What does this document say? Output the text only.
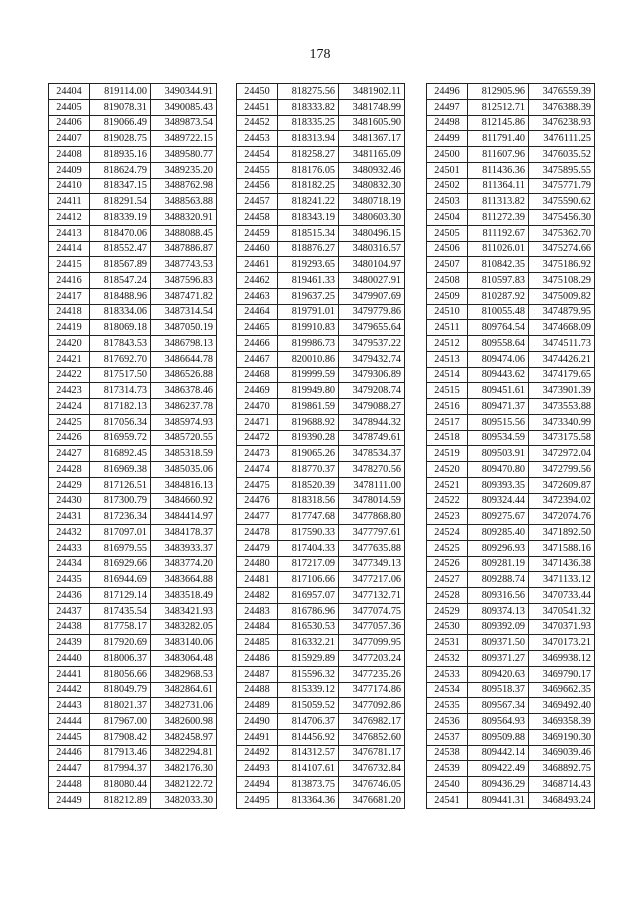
178
24404	819114.00	3490344.91
24405	819078.31	3490085.43
24406	819066.49	3489873.54
24407	819028.75	3489722.15
24408	818935.16	3489580.77
24409	818624.79	3489235.20
24410	818347.15	3488762.98
24411	818291.54	3488563.88
24412	818339.19	3488320.91
24413	818470.06	3488088.45
24414	818552.47	3487886.87
24415	818567.89	3487743.53
24416	818547.24	3487596.83
24417	818488.96	3487471.82
24418	818334.06	3487314.54
24419	818069.18	3487050.19
24420	817843.53	3486798.13
24421	817692.70	3486644.78
24422	817517.50	3486526.88
24423	817314.73	3486378.46
24424	817182.13	3486237.78
24425	817056.34	3485974.93
24426	816959.72	3485720.55
24427	816892.45	3485318.59
24428	816969.38	3485035.06
24429	817126.51	3484816.13
24430	817300.79	3484660.92
24431	817236.34	3484414.97
24432	817097.01	3484178.37
24433	816979.55	3483933.37
24434	816929.66	3483774.20
24435	816944.69	3483664.88
24436	817129.14	3483518.49
24437	817435.54	3483421.93
24438	817758.17	3483282.05
24439	817920.69	3483140.06
24440	818006.37	3483064.48
24441	818056.66	3482968.53
24442	818049.79	3482864.61
24443	818021.37	3482731.06
24444	817967.00	3482600.98
24445	817908.42	3482458.97
24446	817913.46	3482294.81
24447	817994.37	3482176.30
24448	818080.44	3482122.72
24449	818212.89	3482033.30
24450	818275.56	3481902.11
24451	818333.82	3481748.99
24452	818335.25	3481605.90
24453	818313.94	3481367.17
24454	818258.27	3481165.09
24455	818176.05	3480932.46
24456	818182.25	3480832.30
24457	818241.22	3480718.19
24458	818343.19	3480603.30
24459	818515.34	3480496.15
24460	818876.27	3480316.57
24461	819293.65	3480104.97
24462	819461.33	3480027.91
24463	819637.25	3479907.69
24464	819791.01	3479779.86
24465	819910.83	3479655.64
24466	819986.73	3479537.22
24467	820010.86	3479432.74
24468	819999.59	3479306.89
24469	819949.80	3479208.74
24470	819861.59	3479088.27
24471	819688.92	3478944.32
24472	819390.28	3478749.61
24473	819065.26	3478534.37
24474	818770.37	3478270.56
24475	818520.39	3478111.00
24476	818318.56	3478014.59
24477	817747.68	3477868.80
24478	817590.33	3477797.61
24479	817404.33	3477635.88
24480	817217.09	3477349.13
24481	817106.66	3477217.06
24482	816957.07	3477132.71
24483	816786.96	3477074.75
24484	816530.53	3477057.36
24485	816332.21	3477099.95
24486	815929.89	3477203.24
24487	815596.32	3477235.26
24488	815339.12	3477174.86
24489	815059.52	3477092.86
24490	814706.37	3476982.17
24491	814456.92	3476852.60
24492	814312.57	3476781.17
24493	814107.61	3476732.84
24494	813873.75	3476746.05
24495	813364.36	3476681.20
24496	812905.96	3476559.39
24497	812512.71	3476388.39
24498	812145.86	3476238.93
24499	811791.40	3476111.25
24500	811607.96	3476035.52
24501	811436.36	3475895.55
24502	811364.11	3475771.79
24503	811313.82	3475590.62
24504	811272.39	3475456.30
24505	811192.67	3475362.70
24506	811026.01	3475274.66
24507	810842.35	3475186.92
24508	810597.83	3475108.29
24509	810287.92	3475009.82
24510	810055.48	3474879.95
24511	809764.54	3474668.09
24512	809558.64	3474511.73
24513	809474.06	3474426.21
24514	809443.62	3474179.65
24515	809451.61	3473901.39
24516	809471.37	3473553.88
24517	809515.56	3473340.99
24518	809534.59	3473175.58
24519	809503.91	3472972.04
24520	809470.80	3472799.56
24521	809393.35	3472609.87
24522	809324.44	3472394.02
24523	809275.67	3472074.76
24524	809285.40	3471892.50
24525	809296.93	3471588.16
24526	809281.19	3471436.38
24527	809288.74	3471133.12
24528	809316.56	3470733.44
24529	809374.13	3470541.32
24530	809392.09	3470371.93
24531	809371.50	3470173.21
24532	809371.27	3469938.12
24533	809420.63	3469790.17
24534	809518.37	3469662.35
24535	809567.34	3469492.40
24536	809564.93	3469358.39
24537	809509.88	3469190.30
24538	809442.14	3469039.46
24539	809422.49	3468892.75
24540	809436.29	3468714.43
24541	809441.31	3468493.24
